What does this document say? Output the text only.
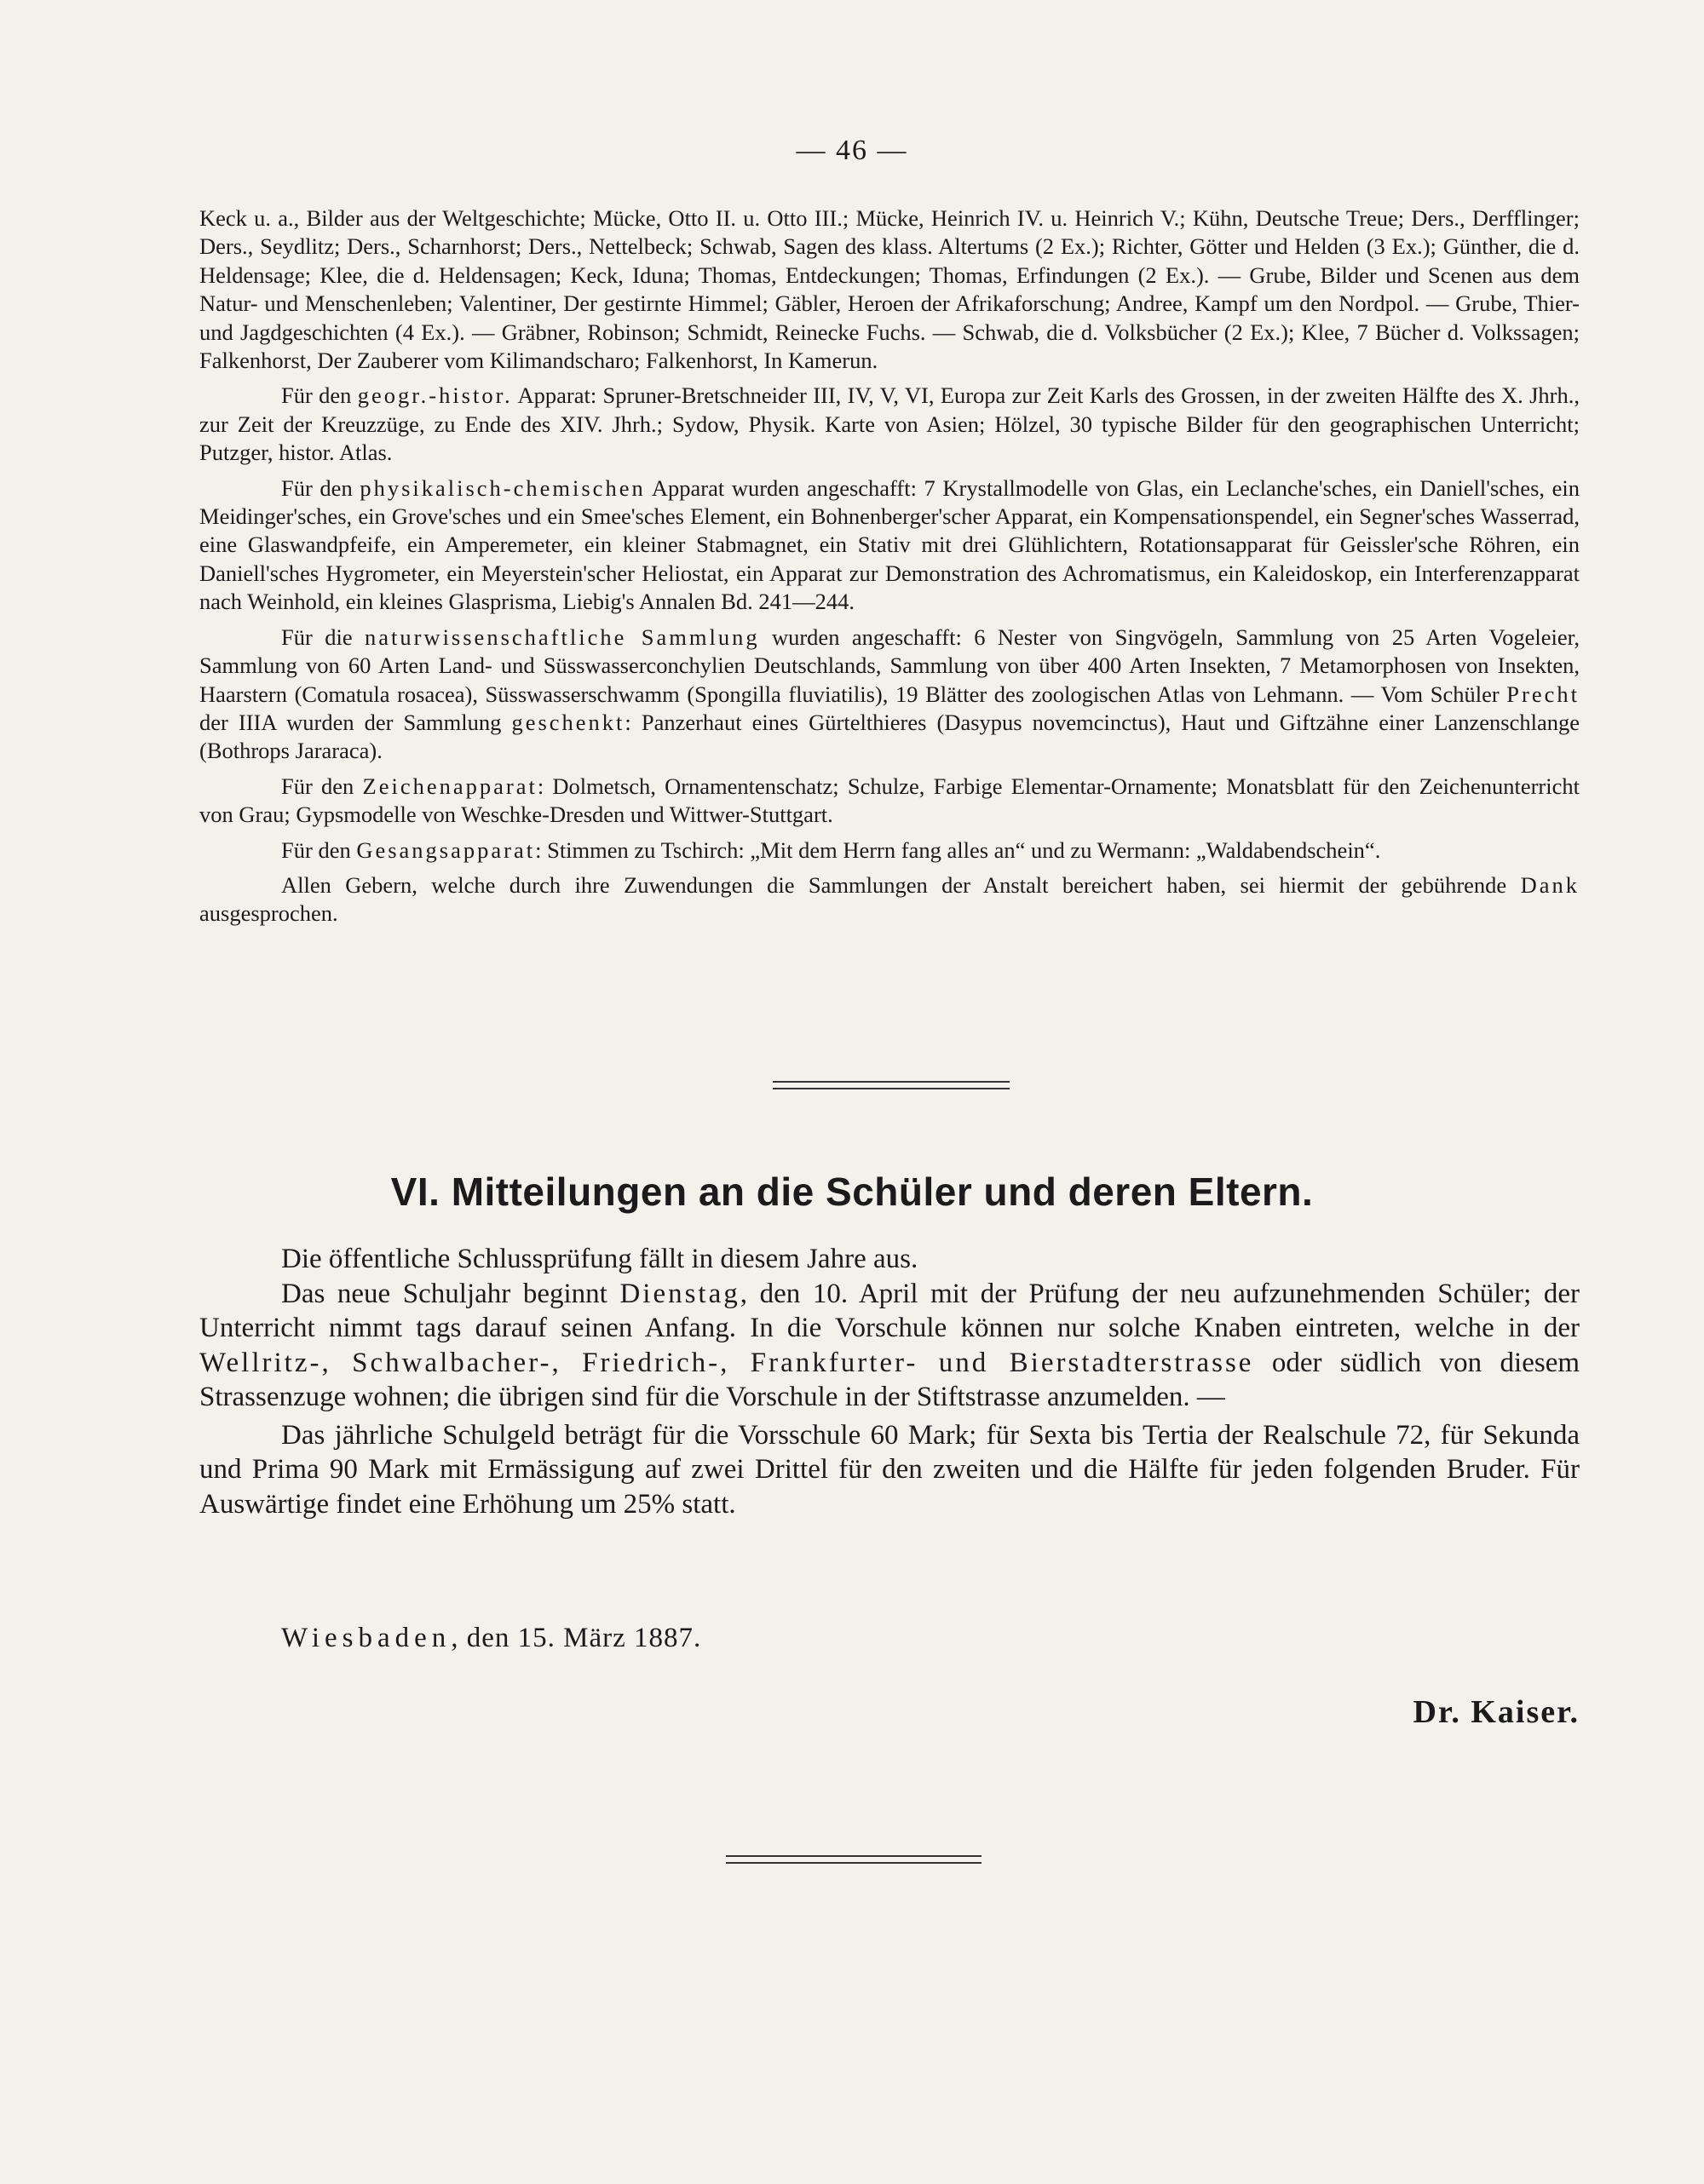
— 46 —

Keck u. a., Bilder aus der Weltgeschichte; Mücke, Otto II. u. Otto III.; Mücke, Heinrich IV. u. Heinrich V.; Kühn, Deutsche Treue; Ders., Derfflinger; Ders., Seydlitz; Ders., Scharnhorst; Ders., Nettelbeck; Schwab, Sagen des klass. Altertums (2 Ex.); Richter, Götter und Helden (3 Ex.); Günther, die d. Heldensage; Klee, die d. Heldensagen; Keck, Iduna; Thomas, Entdeckungen; Thomas, Erfindungen (2 Ex.). — Grube, Bilder und Scenen aus dem Natur- und Menschenleben; Valentiner, Der gestirnte Himmel; Gäbler, Heroen der Afrikaforschung; Andree, Kampf um den Nordpol. — Grube, Thier- und Jagdgeschichten (4 Ex.). — Gräbner, Robinson; Schmidt, Reinecke Fuchs. — Schwab, die d. Volksbücher (2 Ex.); Klee, 7 Bücher d. Volkssagen; Falkenhorst, Der Zauberer vom Kilimandscharo; Falkenhorst, In Kamerun.

Für den geogr.-histor. Apparat: Spruner-Bretschneider III, IV, V, VI, Europa zur Zeit Karls des Grossen, in der zweiten Hälfte des X. Jhrh., zur Zeit der Kreuzzüge, zu Ende des XIV. Jhrh.; Sydow, Physik. Karte von Asien; Hölzel, 30 typische Bilder für den geographischen Unterricht; Putzger, histor. Atlas.

Für den physikalisch-chemischen Apparat wurden angeschafft: 7 Krystallmodelle von Glas, ein Leclanche'sches, ein Daniell'sches, ein Meidinger'sches, ein Grove'sches und ein Smee'sches Element, ein Bohnenberger'scher Apparat, ein Kompensationspendel, ein Segner'sches Wasserrad, eine Glaswandpfeife, ein Amperemeter, ein kleiner Stabmagnet, ein Stativ mit drei Glühlichtern, Rotationsapparat für Geissler'sche Röhren, ein Daniell'sches Hygrometer, ein Meyerstein'scher Heliostat, ein Apparat zur Demonstration des Achromatismus, ein Kaleidoskop, ein Interferenzapparat nach Weinhold, ein kleines Glasprisma, Liebig's Annalen Bd. 241—244.

Für die naturwissenschaftliche Sammlung wurden angeschafft: 6 Nester von Singvögeln, Sammlung von 25 Arten Vogeleier, Sammlung von 60 Arten Land- und Süsswasserconchylien Deutschlands, Sammlung von über 400 Arten Insekten, 7 Metamorphosen von Insekten, Haarstern (Comatula rosacea), Süsswasserschwamm (Spongilla fluviatilis), 19 Blätter des zoologischen Atlas von Lehmann. — Vom Schüler Precht der IIIA wurden der Sammlung geschenkt: Panzerhaut eines Gürtelthieres (Dasypus novemcinctus), Haut und Giftzähne einer Lanzenschlange (Bothrops Jararaca).

Für den Zeichenapparat: Dolmetsch, Ornamentenschatz; Schulze, Farbige Elementar-Ornamente; Monatsblatt für den Zeichenunterricht von Grau; Gypsmodelle von Weschke-Dresden und Wittwer-Stuttgart.

Für den Gesangsapparat: Stimmen zu Tschirch: „Mit dem Herrn fang alles an“ und zu Wermann: „Waldabendschein“.

Allen Gebern, welche durch ihre Zuwendungen die Sammlungen der Anstalt bereichert haben, sei hiermit der gebührende Dank ausgesprochen.

VI. Mitteilungen an die Schüler und deren Eltern.

Die öffentliche Schlussprüfung fällt in diesem Jahre aus.

Das neue Schuljahr beginnt Dienstag, den 10. April mit der Prüfung der neu aufzunehmenden Schüler; der Unterricht nimmt tags darauf seinen Anfang. In die Vorschule können nur solche Knaben eintreten, welche in der Wellritz-, Schwalbacher-, Friedrich-, Frankfurter- und Bierstadterstrasse oder südlich von diesem Strassenzuge wohnen; die übrigen sind für die Vorschule in der Stiftstrasse anzumelden. —

Das jährliche Schulgeld beträgt für die Vorsschule 60 Mark; für Sexta bis Tertia der Realschule 72, für Sekunda und Prima 90 Mark mit Ermässigung auf zwei Drittel für den zweiten und die Hälfte für jeden folgenden Bruder. Für Auswärtige findet eine Erhöhung um 25% statt.

Wiesbaden, den 15. März 1887.
Dr. Kaiser.
